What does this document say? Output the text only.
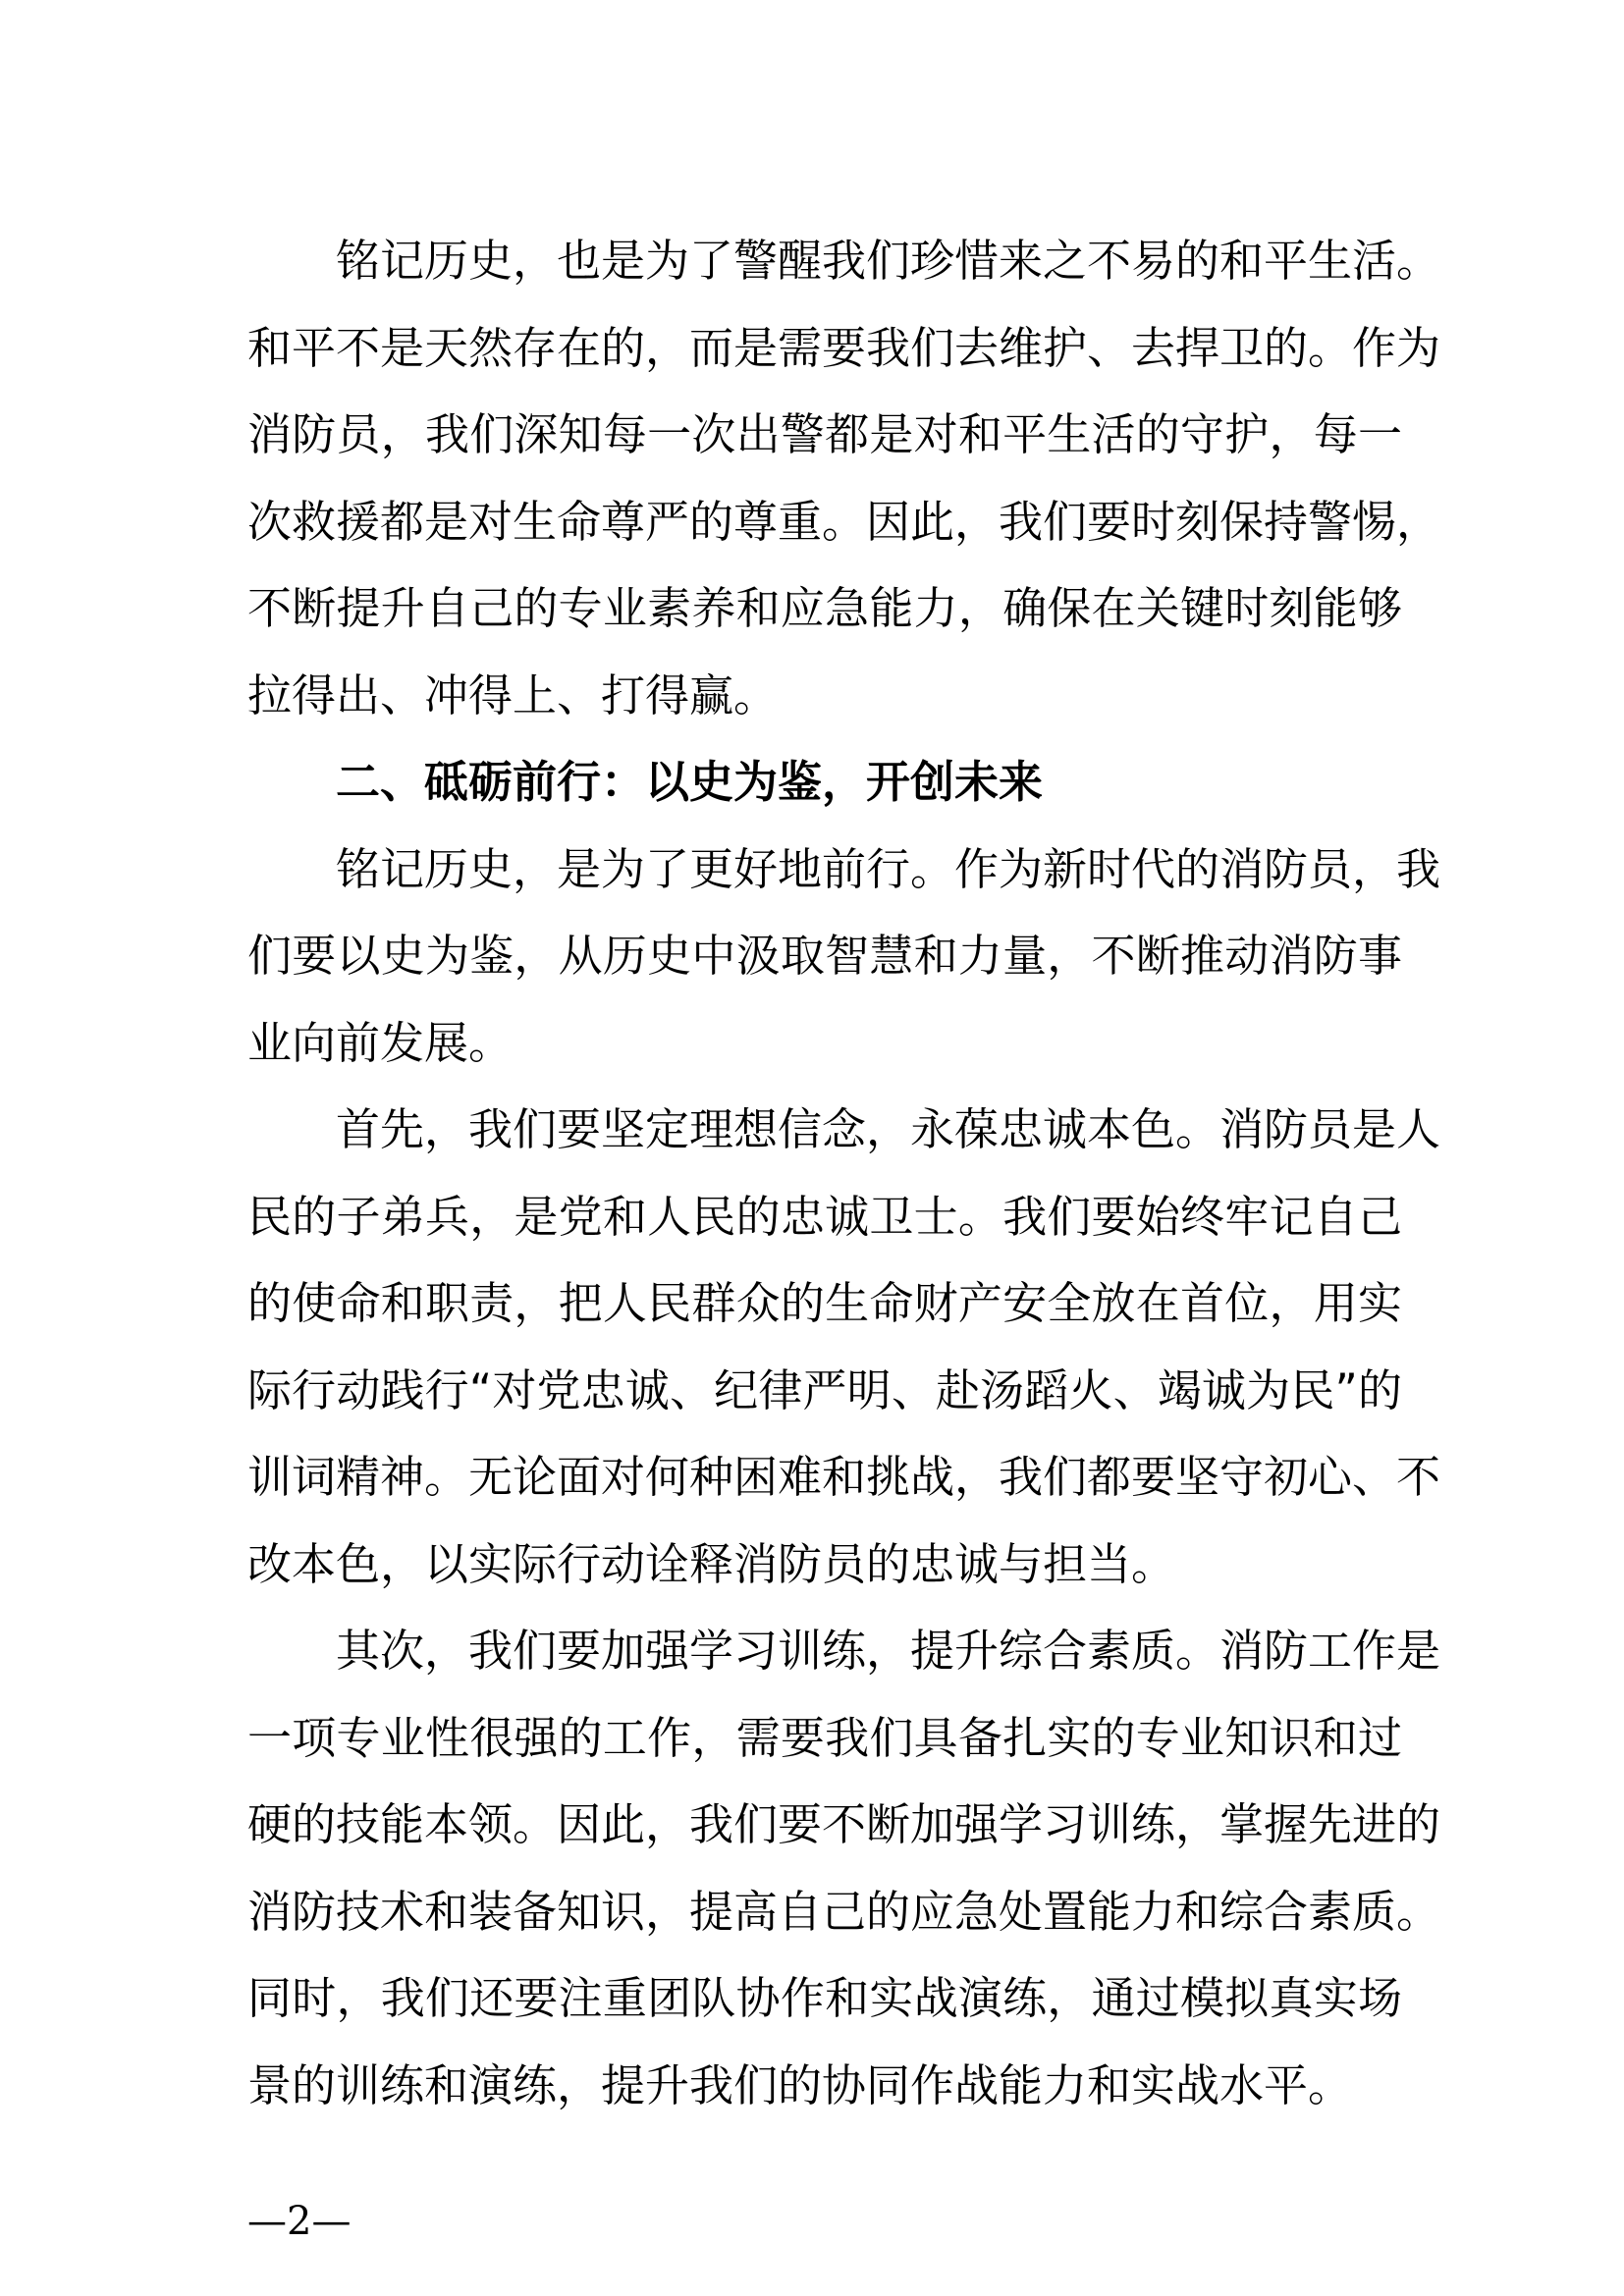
铭记历史，也是为了警醒我们珍惜来之不易的和平生活。
和平不是天然存在的，而是需要我们去维护、去捍卫的。作为
消防员，我们深知每一次出警都是对和平生活的守护，每一
次救援都是对生命尊严的尊重。因此，我们要时刻保持警惕，
不断提升自己的专业素养和应急能力，确保在关键时刻能够
拉得出、冲得上、打得赢。
二、砥砺前行：以史为鉴，开创未来
铭记历史，是为了更好地前行。作为新时代的消防员，我
们要以史为鉴，从历史中汲取智慧和力量，不断推动消防事
业向前发展。
首先，我们要坚定理想信念，永葆忠诚本色。消防员是人
民的子弟兵，是党和人民的忠诚卫士。我们要始终牢记自己
的使命和职责，把人民群众的生命财产安全放在首位，用实
际行动践行“对党忠诚、纪律严明、赴汤蹈火、竭诚为民”的
训词精神。无论面对何种困难和挑战，我们都要坚守初心、不
改本色，以实际行动诠释消防员的忠诚与担当。
其次，我们要加强学习训练，提升综合素质。消防工作是
一项专业性很强的工作，需要我们具备扎实的专业知识和过
硬的技能本领。因此，我们要不断加强学习训练，掌握先进的
消防技术和装备知识，提高自己的应急处置能力和综合素质。
同时，我们还要注重团队协作和实战演练，通过模拟真实场
景的训练和演练，提升我们的协同作战能力和实战水平。
—2—
